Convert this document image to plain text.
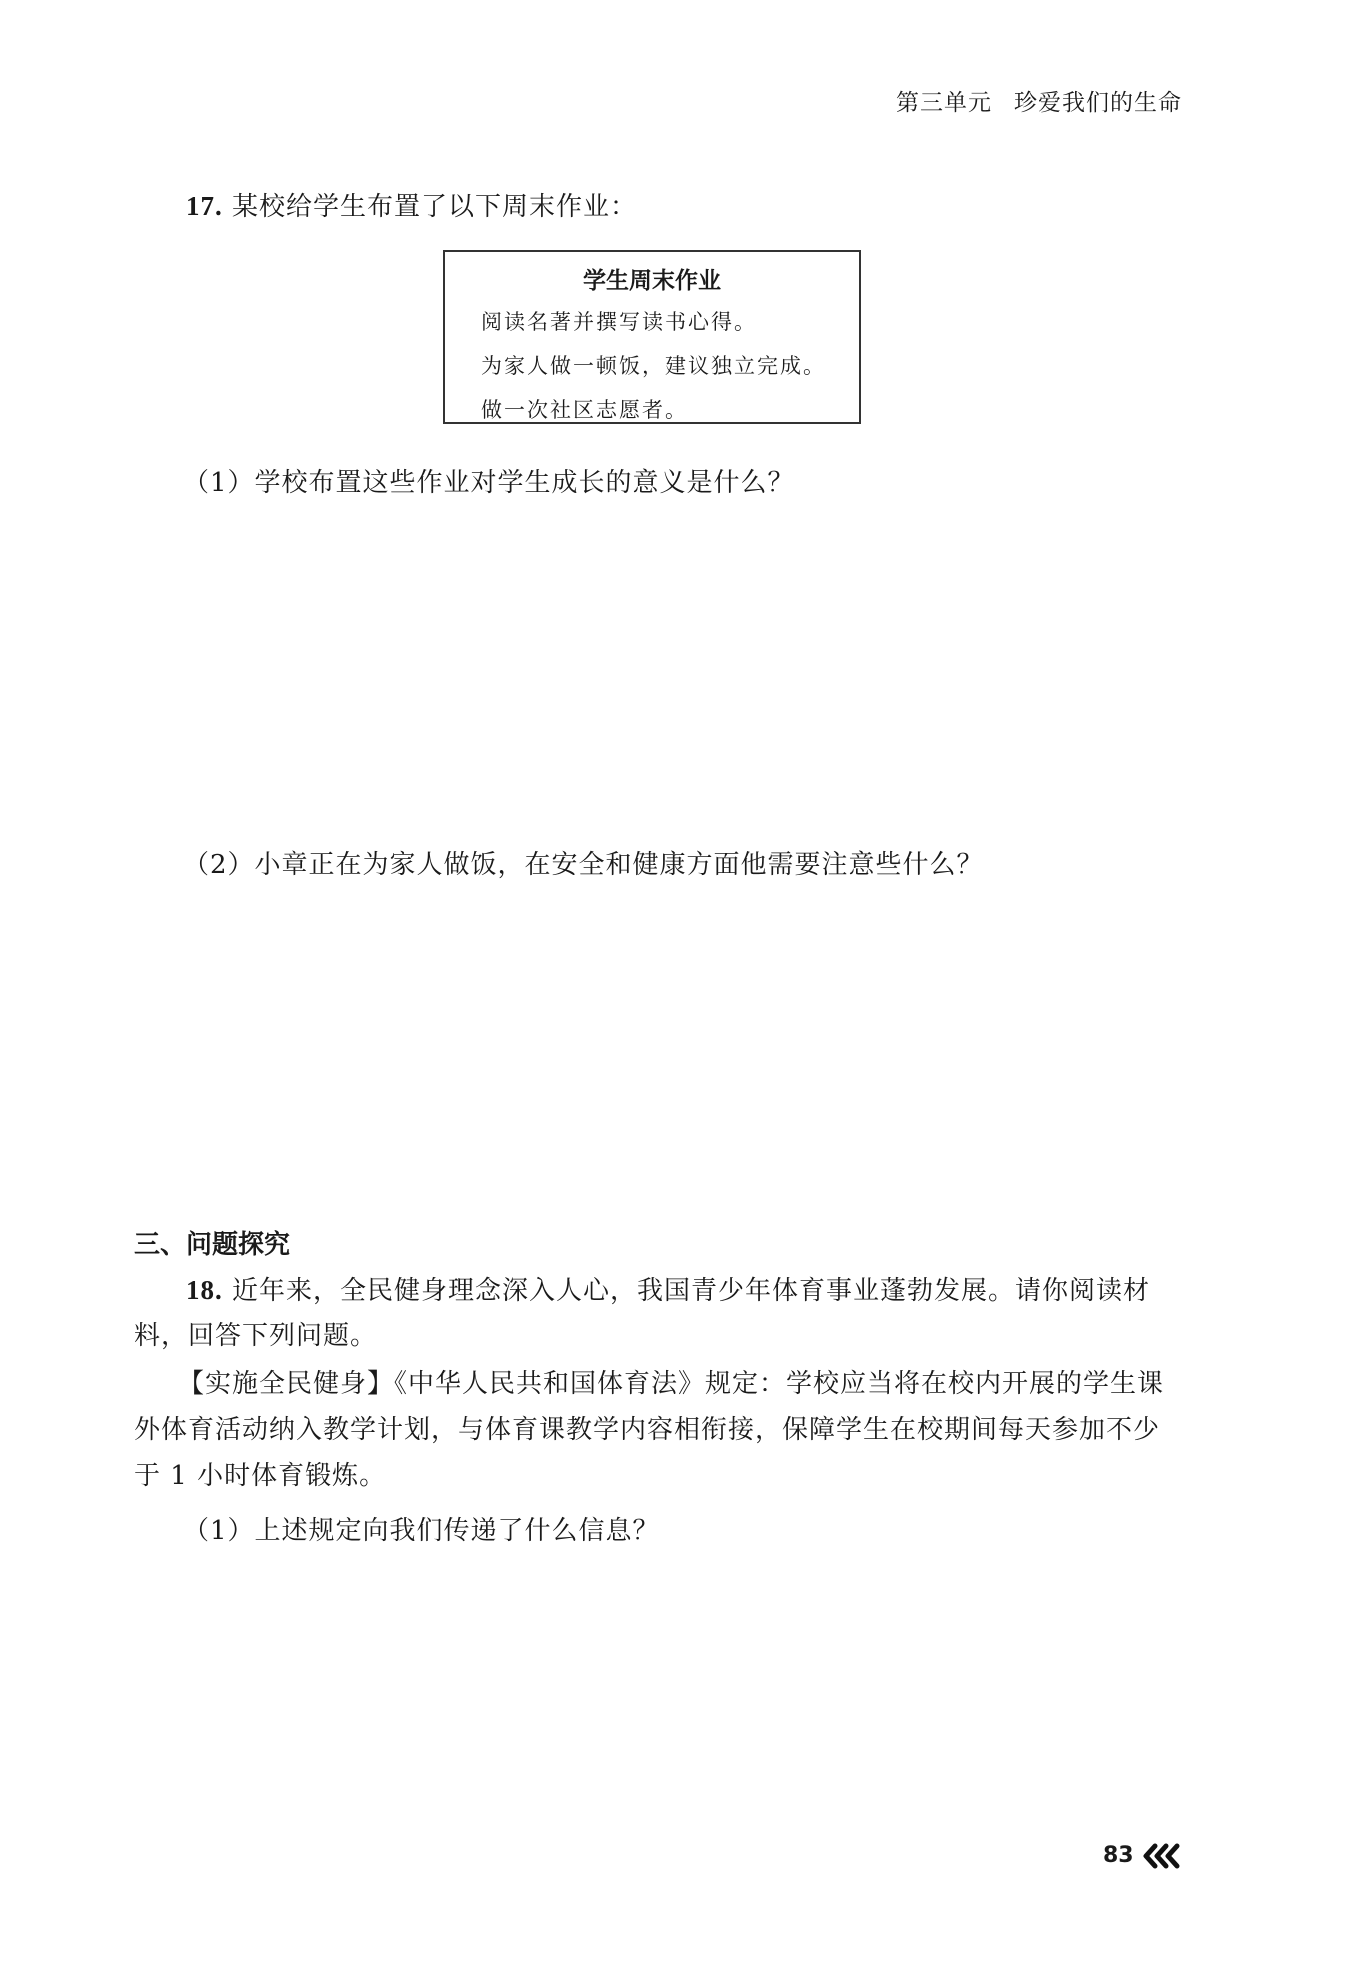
第三单元 珍爱我们的生命
17. 某校给学生布置了以下周末作业：
学生周末作业
阅读名著并撰写读书心得。
为家人做一顿饭，建议独立完成。
做一次社区志愿者。
（1）学校布置这些作业对学生成长的意义是什么？
（2）小章正在为家人做饭，在安全和健康方面他需要注意些什么？
三、问题探究
18. 近年来，全民健身理念深入人心，我国青少年体育事业蓬勃发展。请你阅读材
料，回答下列问题。
【实施全民健身】《中华人民共和国体育法》规定：学校应当将在校内开展的学生课
外体育活动纳入教学计划，与体育课教学内容相衔接，保障学生在校期间每天参加不少
于 1 小时体育锻炼。
（1）上述规定向我们传递了什么信息？
83
